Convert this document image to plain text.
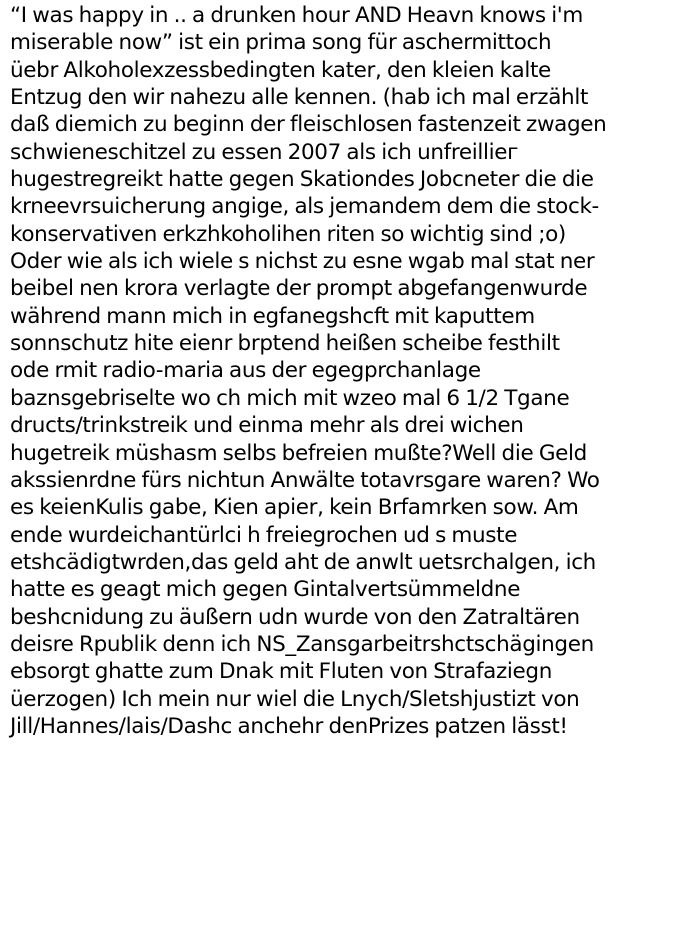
“I was happy in .. a drunken hour AND Heavn knows i'm
miserable now” ist ein prima song für aschermittoch
üebr Alkoholexzessbedingten kater, den kleien kalte
Entzug den wir nahezu alle kennen. (hab ich mal erzählt
daß diemich zu beginn der fleischlosen fastenzeit zwagen
schwieneschitzel zu essen 2007 als ich unfreilliег
hugestregreikt hatte gegen Skationdes Jobcneter die die
krneevrsuicherung angige, als jemandem dem die stock-
konservativen erkzhkoholihen riten so wichtig sind ;o)
Oder wie als ich wiele s nichst zu esne wgab mal stat ner
beibel nen krora verlagte der prompt abgefangenwurde
während mann mich in egfanegshcft mit kaputtem
sonnschutz hite eienr brptend heißen scheibe festhilt
ode rmit radio-maria aus der egegprchanlage
baznsgebriselte wo ch mich mit wzeo mal 6 1/2 Tgane
dructs/trinkstreik und einma mehr als drei wichen
hugetreik müshasm selbs befreien mußte?Well die Geld
akssienrdne fürs nichtun Anwälte totavrsgare waren? Wo
es keienKulis gabe, Kien apier, kein Brfamrken sow. Am
ende wurdeichantürlci h freiegrochen ud s muste
etshcädigtwrden,das geld aht de anwlt uetsrchalgen, ich
hatte es geagt mich gegen Gintalvertsümmeldne
beshcnidung zu äußern udn wurde von den Zatraltären
deisre Rpublik denn ich NS_Zansgarbeitrshctschägingen
ebsorgt ghatte zum Dnak mit Fluten von Strafaziegn
üerzogen) Ich mein nur wiel die Lnych/Sletshjustizt von
Jill/Hannes/lais/Dashc anchehr denPrizes patzen lässt!
